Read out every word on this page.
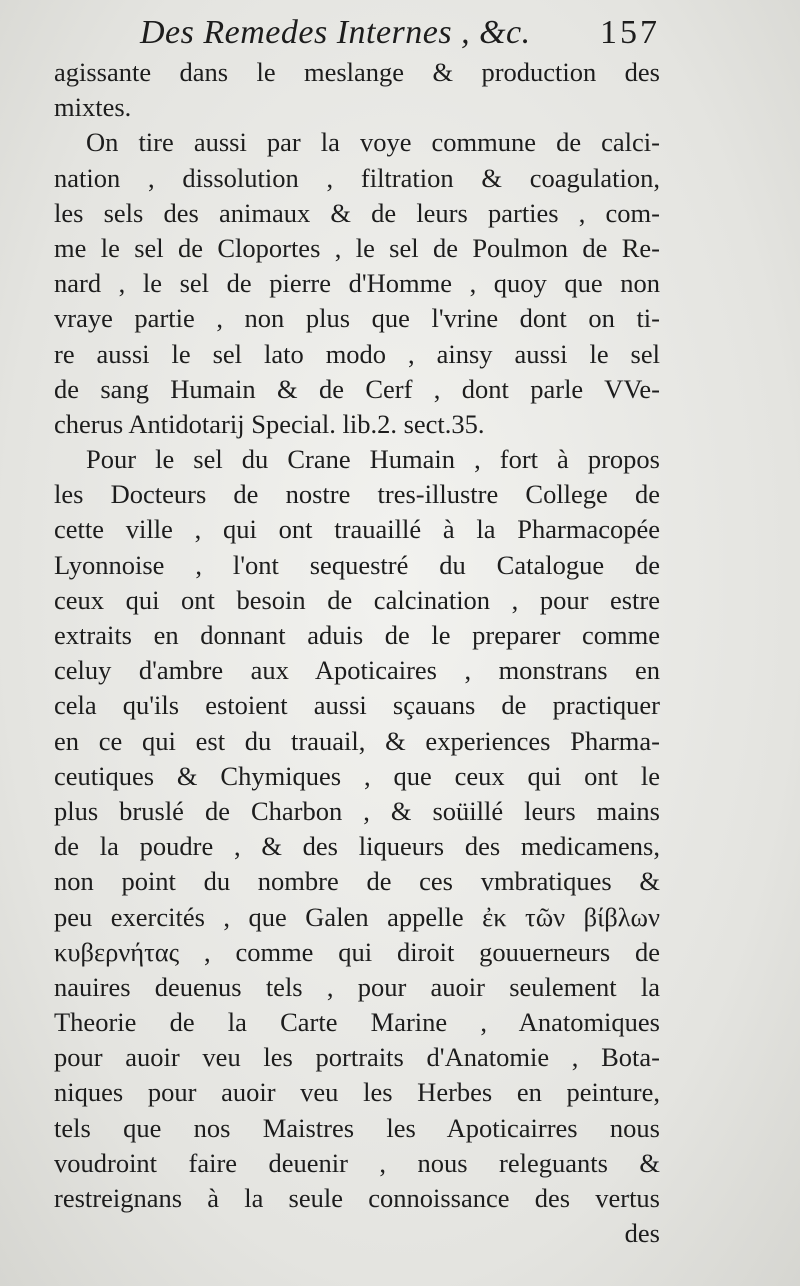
Des Remedes Internes , &c. 157
agissante dans le meslange & production des
mixtes.
On tire aussi par la voye commune de calci-
nation , dissolution , filtration & coagulation,
les sels des animaux & de leurs parties , com-
me le sel de Cloportes , le sel de Poulmon de Re-
nard , le sel de pierre d'Homme , quoy que non
vraye partie , non plus que l'vrine dont on ti-
re aussi le sel lato modo , ainsy aussi le sel
de sang Humain & de Cerf , dont parle VVe-
cherus Antidotarij Special. lib.2. sect.35.
Pour le sel du Crane Humain , fort à propos
les Docteurs de nostre tres-illustre College de
cette ville , qui ont trauaillé à la Pharmacopée
Lyonnoise , l'ont sequestré du Catalogue de
ceux qui ont besoin de calcination , pour estre
extraits en donnant aduis de le preparer comme
celuy d'ambre aux Apoticaires , monstrans en
cela qu'ils estoient aussi sçauans de practiquer
en ce qui est du trauail, & experiences Pharma-
ceutiques & Chymiques , que ceux qui ont le
plus bruslé de Charbon , & soüillé leurs mains
de la poudre , & des liqueurs des medicamens,
non point du nombre de ces vmbratiques &
peu exercités , que Galen appelle ἐκ τῶν βίβλων
κυβερνήτας , comme qui diroit gouuerneurs de
nauires deuenus tels , pour auoir seulement la
Theorie de la Carte Marine , Anatomiques
pour auoir veu les portraits d'Anatomie , Bota-
niques pour auoir veu les Herbes en peinture,
tels que nos Maistres les Apoticairres nous
voudroint faire deuenir , nous releguants &
restreignans à la seule connoissance des vertus
des
